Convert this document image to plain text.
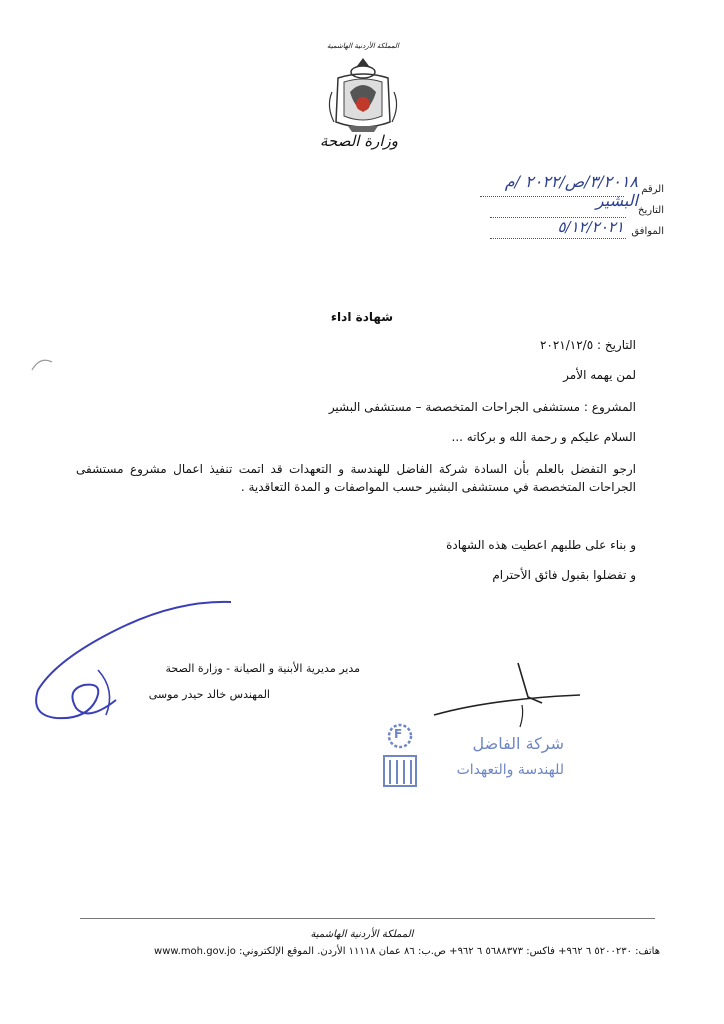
المملكة الأردنية الهاشمية
وزارة الصحة
الرقم
٣/٢٠١٨/ص/٢٠٢٢ /م البشير
التاريخ
الموافق
٥/١٢/٢٠٢١
شهادة اداء
التاريخ : ٢٠٢١/١٢/٥
لمن يهمه الأمر
المشروع : مستشفى الجراحات المتخصصة – مستشفى البشير
السلام عليكم و رحمة الله و بركاته ...
ارجو التفضل بالعلم بأن السادة شركة الفاضل للهندسة و التعهدات قد اتمت تنفيذ اعمال مشروع مستشفى الجراحات المتخصصة في مستشفى البشير حسب المواصفات و المدة التعاقدية .
و بناء على طلبهم اعطيت هذه الشهادة
و تفضلوا بقبول فائق الأحترام
مدير مديرية الأبنية و الصيانة - وزارة الصحة
المهندس خالد حيدر موسى
F	شركة الفاضل
للهندسة والتعهدات
المملكة الأردنية الهاشمية
هاتف: ٥٢٠٠٢٣٠ ٦ ٩٦٢+ فاكس: ٥٦٨٨٣٧٣ ٦ ٩٦٢+ ص.ب: ٨٦ عمان ١١١١٨ الأردن. الموقع الإلكتروني: www.moh.gov.jo
